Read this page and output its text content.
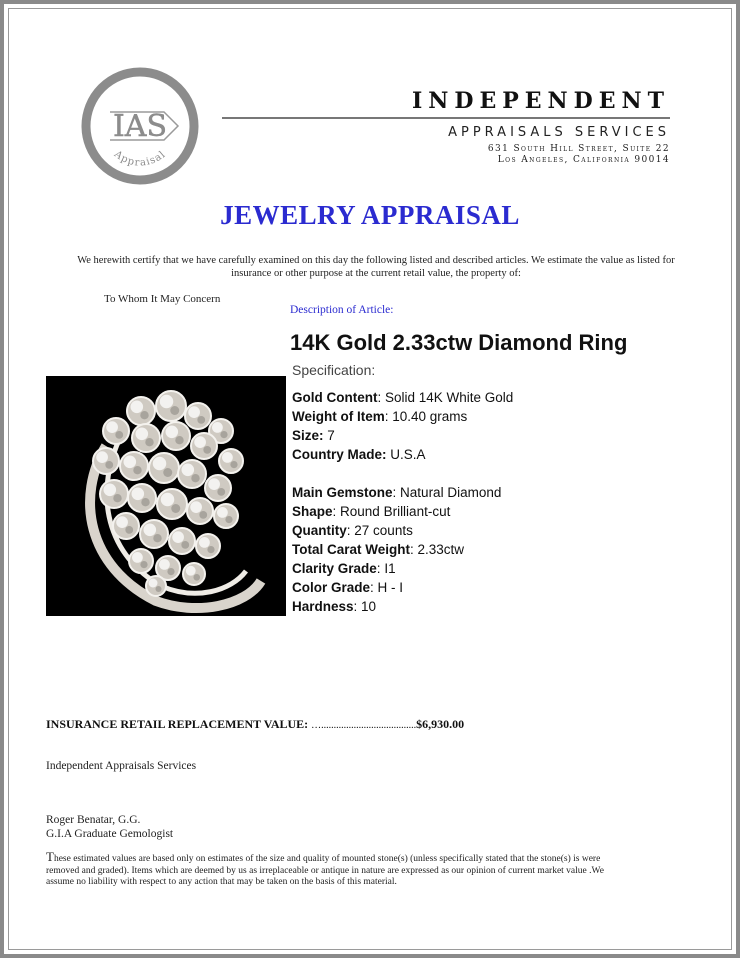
IAS
Appraisal
INDEPENDENT
APPRAISALS SERVICES
631 South Hill Street, Suite 22
Los Angeles, California 90014
JEWELRY APPRAISAL
We herewith certify that we have carefully examined on this day the following listed and described articles. We estimate the value as listed for insurance or other purpose at the current retail value, the property of:
To Whom It May Concern
Description of Article:
14K Gold 2.33ctw Diamond Ring
Specification:
Gold Content: Solid 14K White Gold
Weight of Item: 10.40 grams
Size: 7
Country Made: U.S.A
Main Gemstone: Natural Diamond
Shape: Round Brilliant-cut
Quantity: 27 counts
Total Carat Weight: 2.33ctw
Clarity Grade: I1
Color Grade: H - I
Hardness: 10
INSURANCE RETAIL REPLACEMENT VALUE: …......................................$6,930.00
Independent Appraisals Services
Roger Benatar, G.G.
G.I.A Graduate Gemologist
These estimated values are based only on estimates of the size and quality of mounted stone(s) (unless specifically stated that the stone(s) is were removed and graded). Items which are deemed by us as irreplaceable or antique in nature are expressed as our opinion of current market value .We assume no liability with respect to any action that may be taken on the basis of this material.
